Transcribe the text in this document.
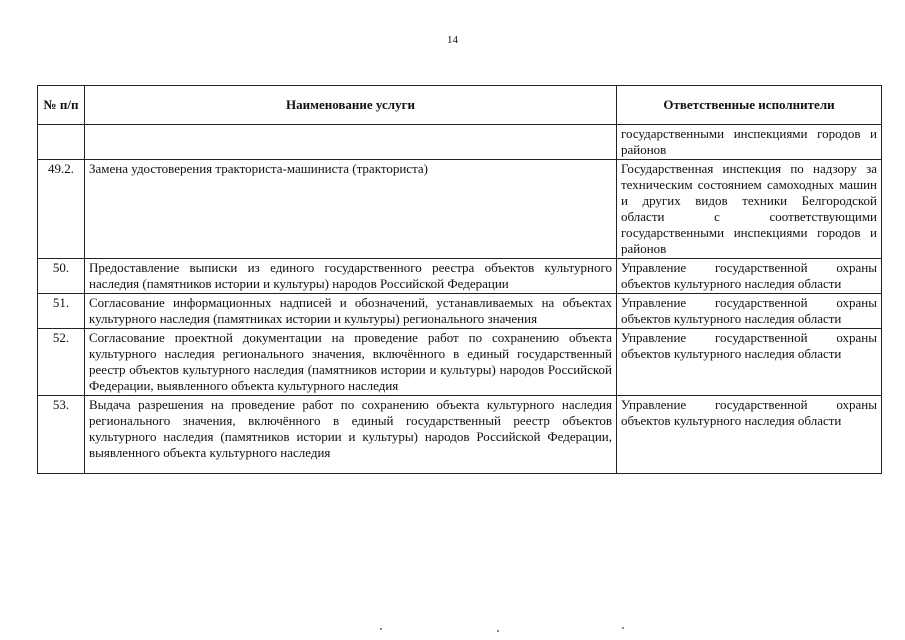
14
№ п/п	Наименование услуги	Ответственные исполнители
		государственными инспекциями городов и районов
49.2.	Замена удостоверения тракториста-машиниста (тракториста)	Государственная инспекция по надзору за техническим состоянием самоходных машин и других видов техники Белгородской области с соответствующими государственными инспекциями городов и районов
50.	Предоставление выписки из единого государственного реестра объектов культурного наследия (памятников истории и культуры) народов Российской Федерации	Управление государственной охраны объектов культурного наследия области
51.	Согласование информационных надписей и обозначений, устанавливаемых на объектах культурного наследия (памятниках истории и культуры) регионального значения	Управление государственной охраны объектов культурного наследия области
52.	Согласование проектной документации на проведение работ по сохранению объекта культурного наследия регионального значения, включённого в единый государственный реестр объектов культурного наследия (памятников истории и культуры) народов Российской Федерации, выявленного объекта культурного наследия	Управление государственной охраны объектов культурного наследия области
53.	Выдача разрешения на проведение работ по сохранению объекта культурного наследия регионального значения, включённого в единый государственный реестр объектов культурного наследия (памятников истории и культуры) народов Российской Федерации, выявленного объекта культурного наследия	Управление государственной охраны объектов культурного наследия области
